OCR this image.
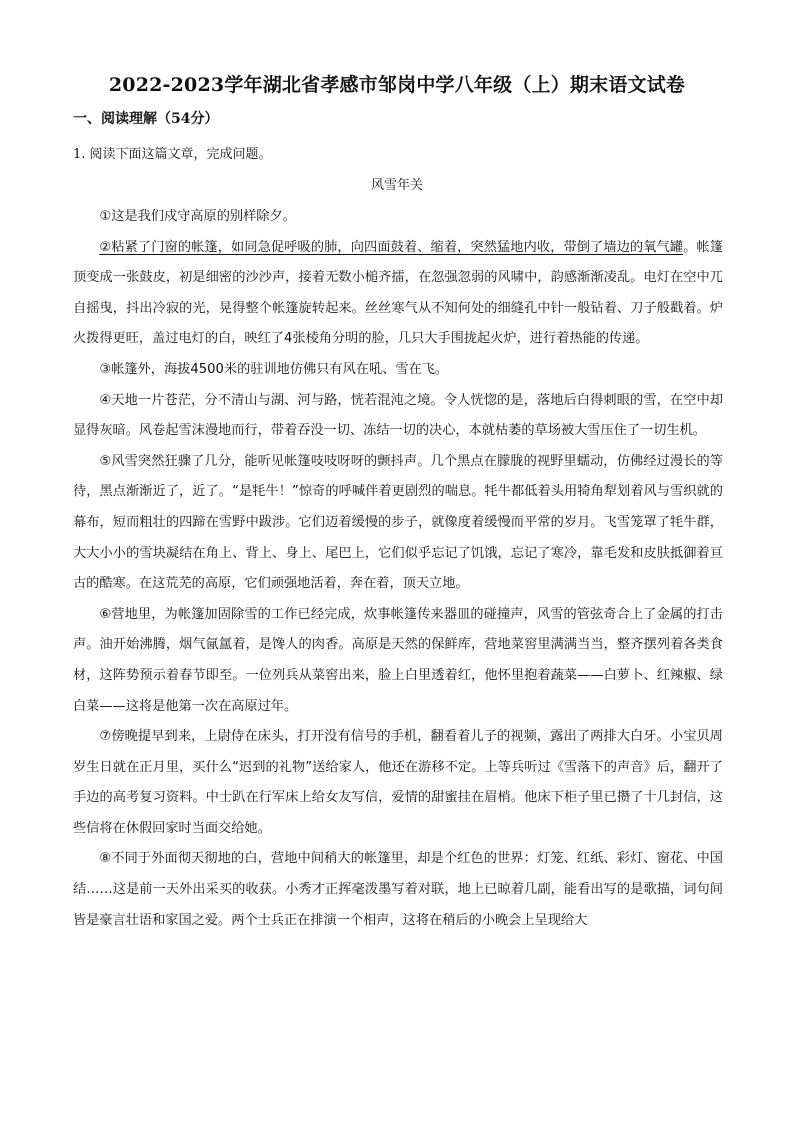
2022-2023学年湖北省孝感市邹岗中学八年级（上）期末语文试卷
一、阅读理解（54分）
1. 阅读下面这篇文章，完成问题。
风雪年关

①这是我们戍守高原的别样除夕。

②粘紧了门窗的帐篷，如同急促呼吸的肺，向四面鼓着、缩着，突然猛地内收，带倒了墙边的氧气罐。帐篷顶变成一张鼓皮，初是细密的沙沙声，接着无数小槌齐擂，在忽强忽弱的风啸中，韵感渐渐凌乱。电灯在空中兀自摇曳，抖出冷寂的光，晃得整个帐篷旋转起来。丝丝寒气从不知何处的细缝孔中针一般钻着、刀子般戳着。炉火拨得更旺，盖过电灯的白，映红了4张棱角分明的脸，几只大手围拢起火炉，进行着热能的传递。

③帐篷外，海拔4500米的驻训地仿佛只有风在吼、雪在飞。

④天地一片苍茫，分不清山与湖、河与路，恍若混沌之境。令人恍惚的是，落地后白得刺眼的雪，在空中却显得灰暗。风卷起雪沫漫地而行，带着吞没一切、冻结一切的决心，本就枯萎的草场被大雪压住了一切生机。

⑤风雪突然狂骤了几分，能听见帐篷吱吱呀呀的颤抖声。几个黑点在朦胧的视野里蠕动，仿佛经过漫长的等待，黑点渐渐近了，近了。“是牦牛！”惊奇的呼喊伴着更剧烈的喘息。牦牛都低着头用犄角犁划着风与雪织就的幕布，短而粗壮的四蹄在雪野中跋涉。它们迈着缓慢的步子，就像度着缓慢而平常的岁月。飞雪笼罩了牦牛群，大大小小的雪块凝结在角上、背上、身上、尾巴上，它们似乎忘记了饥饿，忘记了寒冷，靠毛发和皮肤抵御着亘古的酷寒。在这荒芜的高原，它们顽强地活着，奔在着，顶天立地。

⑥营地里，为帐篷加固除雪的工作已经完成，炊事帐篷传来器皿的碰撞声，风雪的管弦奇合上了金属的打击声。油开始沸腾，烟气氤氲着，是馋人的肉香。高原是天然的保鲜库，营地菜窖里满满当当，整齐摆列着各类食材，这阵势预示着春节即至。一位列兵从菜窖出来，脸上白里透着红，他怀里抱着蔬菜——白萝卜、红辣椒、绿白菜——这将是他第一次在高原过年。

⑦傍晚提早到来，上尉侍在床头，打开没有信号的手机，翻看着儿子的视频，露出了两排大白牙。小宝贝周岁生日就在正月里，买什么“迟到的礼物”送给家人，他还在游移不定。上等兵听过《雪落下的声音》后，翻开了手边的高考复习资料。中士趴在行军床上给女友写信，爱情的甜蜜挂在眉梢。他床下柜子里已攒了十几封信，这些信将在休假回家时当面交给她。

⑧不同于外面彻天彻地的白，营地中间稍大的帐篷里，却是个红色的世界：灯笼、红纸、彩灯、窗花、中国结……这是前一天外出采买的收获。小秀才正挥毫泼墨写着对联，地上已晾着几副，能看出写的是歌描，词句间皆是豪言壮语和家国之爱。两个士兵正在排演一个相声，这将在稍后的小晚会上呈现给大
